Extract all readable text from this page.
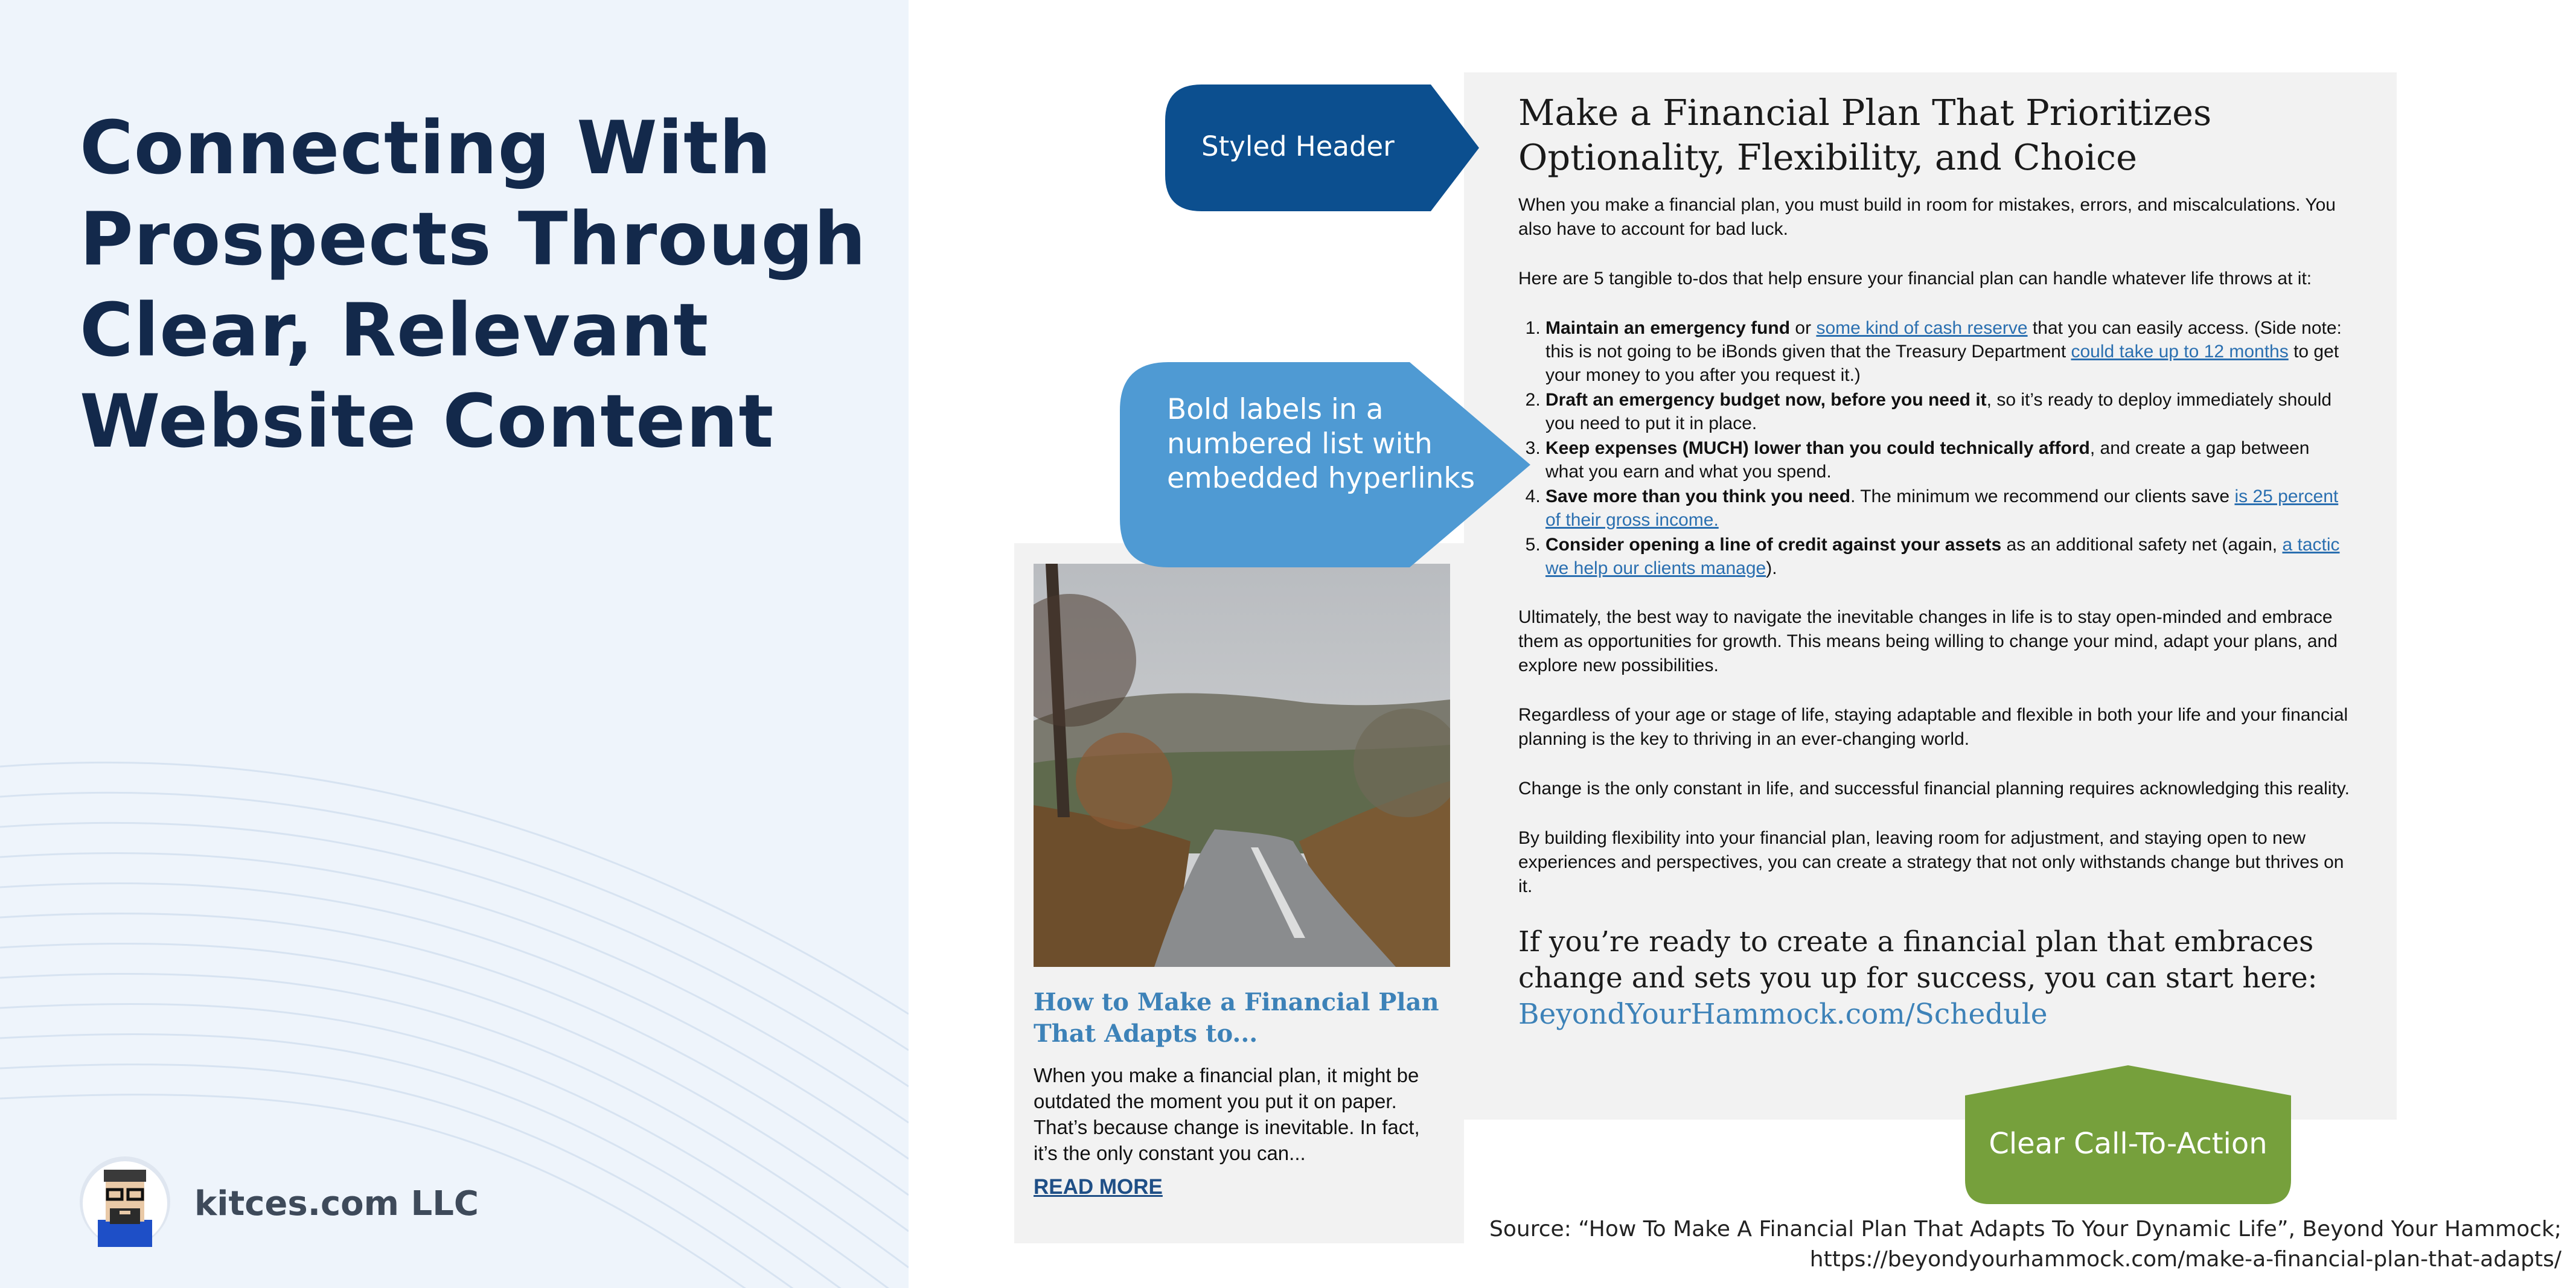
Connecting With Prospects Through Clear, Relevant Website Content
kitces.com LLC
How to Make a Financial Plan That Adapts to...

When you make a financial plan, it might be outdated the moment you put it on paper. That’s because change is inevitable. In fact, it’s the only constant you can...

READ MORE
Make a Financial Plan That Prioritizes Optionality, Flexibility, and Choice

When you make a financial plan, you must build in room for mistakes, errors, and miscalculations. You also have to account for bad luck.

Here are 5 tangible to-dos that help ensure your financial plan can handle whatever life throws at it:

1. Maintain an emergency fund or some kind of cash reserve that you can easily access. (Side note: this is not going to be iBonds given that the Treasury Department could take up to 12 months to get your money to you after you request it.)
2. Draft an emergency budget now, before you need it, so it’s ready to deploy immediately should you need to put it in place.
3. Keep expenses (MUCH) lower than you could technically afford, and create a gap between what you earn and what you spend.
4. Save more than you think you need. The minimum we recommend our clients save is 25 percent of their gross income.
5. Consider opening a line of credit against your assets as an additional safety net (again, a tactic we help our clients manage).

Ultimately, the best way to navigate the inevitable changes in life is to stay open-minded and embrace them as opportunities for growth. This means being willing to change your mind, adapt your plans, and explore new possibilities.

Regardless of your age or stage of life, staying adaptable and flexible in both your life and your financial planning is the key to thriving in an ever-changing world.

Change is the only constant in life, and successful financial planning requires acknowledging this reality.

By building flexibility into your financial plan, leaving room for adjustment, and staying open to new experiences and perspectives, you can create a strategy that not only withstands change but thrives on it.

If you’re ready to create a financial plan that embraces change and sets you up for success, you can start here:

BeyondYourHammock.com/Schedule
Styled Header
Bold labels in a numbered list with embedded hyperlinks
Clear Call-To-Action
Source: “How To Make A Financial Plan That Adapts To Your Dynamic Life”, Beyond Your Hammock;
https://beyondyourhammock.com/make-a-financial-plan-that-adapts/
